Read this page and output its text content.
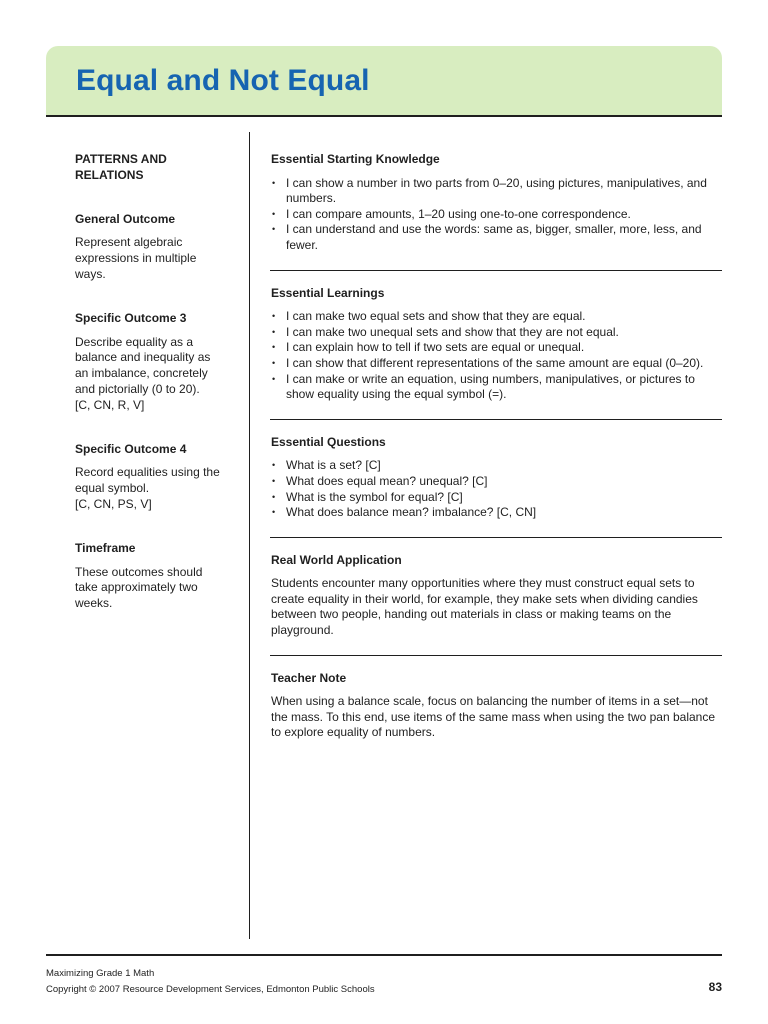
Equal and Not Equal

PATTERNS AND RELATIONS

General Outcome

Represent algebraic expressions in multiple ways.

Specific Outcome 3

Describe equality as a balance and inequality as an imbalance, concretely and pictorially (0 to 20).

[C, CN, R, V]

Specific Outcome 4

Record equalities using the equal symbol.

[C, CN, PS, V]

Timeframe

These outcomes should take approximately two weeks.

Essential Starting Knowledge

• I can show a number in two parts from 0–20, using pictures, manipulatives, and numbers.
• I can compare amounts, 1–20 using one-to-one correspondence.
• I can understand and use the words: same as, bigger, smaller, more, less, and fewer.

Essential Learnings

• I can make two equal sets and show that they are equal.
• I can make two unequal sets and show that they are not equal.
• I can explain how to tell if two sets are equal or unequal.
• I can show that different representations of the same amount are equal (0–20).
• I can make or write an equation, using numbers, manipulatives, or pictures to show equality using the equal symbol (=).

Essential Questions

• What is a set? [C]
• What does equal mean? unequal? [C]
• What is the symbol for equal? [C]
• What does balance mean? imbalance? [C, CN]

Real World Application

Students encounter many opportunities where they must construct equal sets to create equality in their world, for example, they make sets when dividing candies between two people, handing out materials in class or making teams on the playground.

Teacher Note

When using a balance scale, focus on balancing the number of items in a set—not the mass. To this end, use items of the same mass when using the two pan balance to explore equality of numbers.

Maximizing Grade 1 Math
Copyright © 2007 Resource Development Services, Edmonton Public Schools	83
